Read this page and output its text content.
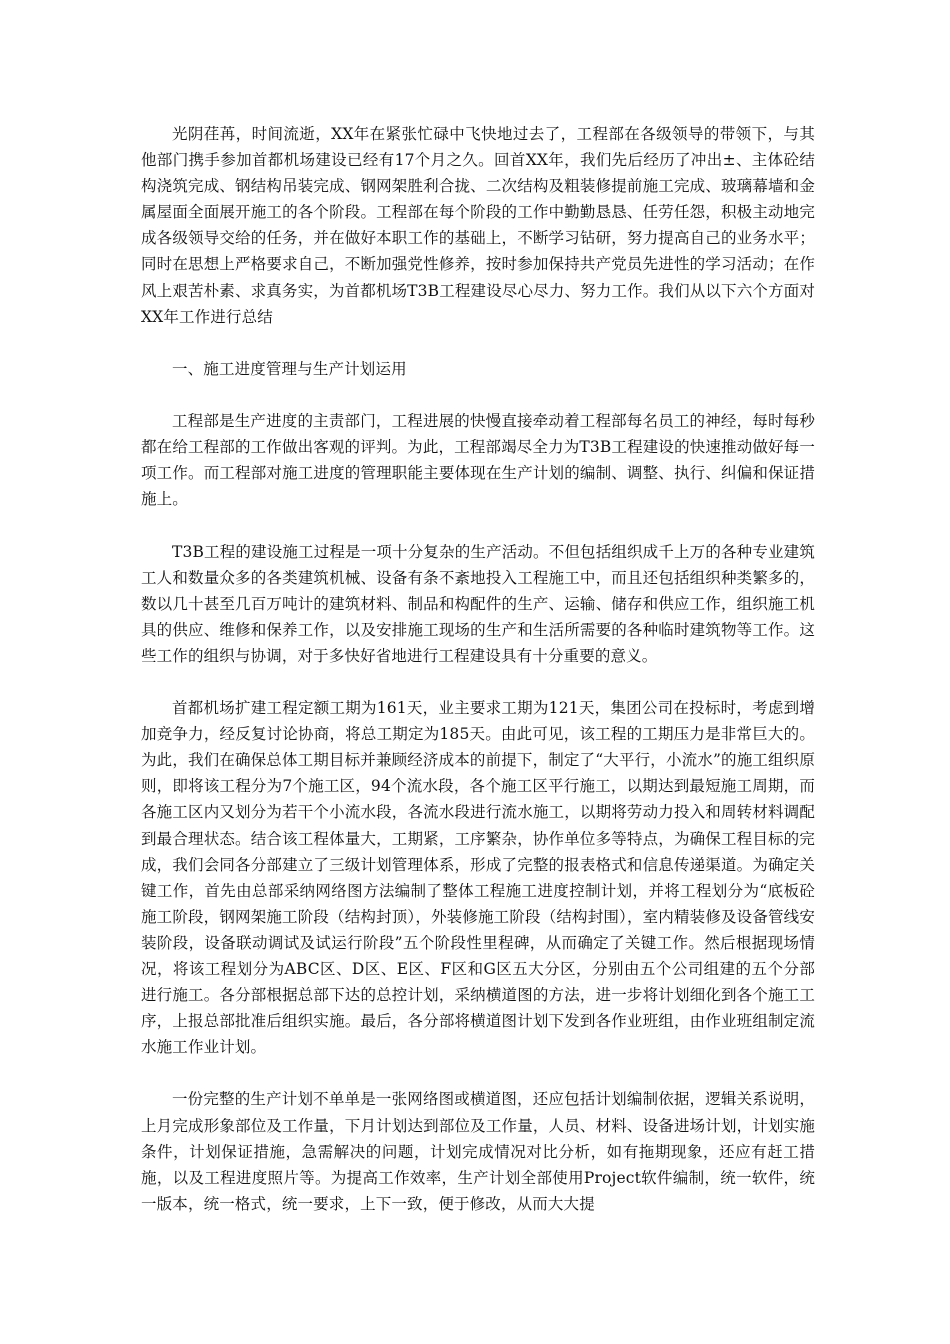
光阴荏苒，时间流逝，XX年在紧张忙碌中飞快地过去了，工程部在各级领导的带领下，与其他部门携手参加首都机场建设已经有17个月之久。回首XX年，我们先后经历了冲出±、主体砼结构浇筑完成、钢结构吊装完成、钢网架胜利合拢、二次结构及粗装修提前施工完成、玻璃幕墙和金属屋面全面展开施工的各个阶段。工程部在每个阶段的工作中勤勤恳恳、任劳任怨，积极主动地完成各级领导交给的任务，并在做好本职工作的基础上，不断学习钻研，努力提高自己的业务水平；同时在思想上严格要求自己，不断加强党性修养，按时参加保持共产党员先进性的学习活动；在作风上艰苦朴素、求真务实，为首都机场T3B工程建设尽心尽力、努力工作。我们从以下六个方面对XX年工作进行总结

一、施工进度管理与生产计划运用

工程部是生产进度的主责部门，工程进展的快慢直接牵动着工程部每名员工的神经，每时每秒都在给工程部的工作做出客观的评判。为此，工程部竭尽全力为T3B工程建设的快速推动做好每一项工作。而工程部对施工进度的管理职能主要体现在生产计划的编制、调整、执行、纠偏和保证措施上。

T3B工程的建设施工过程是一项十分复杂的生产活动。不但包括组织成千上万的各种专业建筑工人和数量众多的各类建筑机械、设备有条不紊地投入工程施工中，而且还包括组织种类繁多的，数以几十甚至几百万吨计的建筑材料、制品和构配件的生产、运输、储存和供应工作，组织施工机具的供应、维修和保养工作，以及安排施工现场的生产和生活所需要的各种临时建筑物等工作。这些工作的组织与协调，对于多快好省地进行工程建设具有十分重要的意义。

首都机场扩建工程定额工期为161天，业主要求工期为121天，集团公司在投标时，考虑到增加竞争力，经反复讨论协商，将总工期定为185天。由此可见，该工程的工期压力是非常巨大的。为此，我们在确保总体工期目标并兼顾经济成本的前提下，制定了“大平行，小流水”的施工组织原则，即将该工程分为7个施工区，94个流水段，各个施工区平行施工，以期达到最短施工周期，而各施工区内又划分为若干个小流水段，各流水段进行流水施工，以期将劳动力投入和周转材料调配到最合理状态。结合该工程体量大，工期紧，工序繁杂，协作单位多等特点，为确保工程目标的完成，我们会同各分部建立了三级计划管理体系，形成了完整的报表格式和信息传递渠道。为确定关键工作，首先由总部采纳网络图方法编制了整体工程施工进度控制计划，并将工程划分为“底板砼施工阶段，钢网架施工阶段（结构封顶），外装修施工阶段（结构封围），室内精装修及设备管线安装阶段，设备联动调试及试运行阶段”五个阶段性里程碑，从而确定了关键工作。然后根据现场情况，将该工程划分为ABC区、D区、E区、F区和G区五大分区，分别由五个公司组建的五个分部进行施工。各分部根据总部下达的总控计划，采纳横道图的方法，进一步将计划细化到各个施工工序，上报总部批准后组织实施。最后，各分部将横道图计划下发到各作业班组，由作业班组制定流水施工作业计划。

一份完整的生产计划不单单是一张网络图或横道图，还应包括计划编制依据，逻辑关系说明，上月完成形象部位及工作量，下月计划达到部位及工作量，人员、材料、设备进场计划，计划实施条件，计划保证措施，急需解决的问题，计划完成情况对比分析，如有拖期现象，还应有赶工措施，以及工程进度照片等。为提高工作效率，生产计划全部使用Project软件编制，统一软件，统一版本，统一格式，统一要求，上下一致，便于修改，从而大大提
